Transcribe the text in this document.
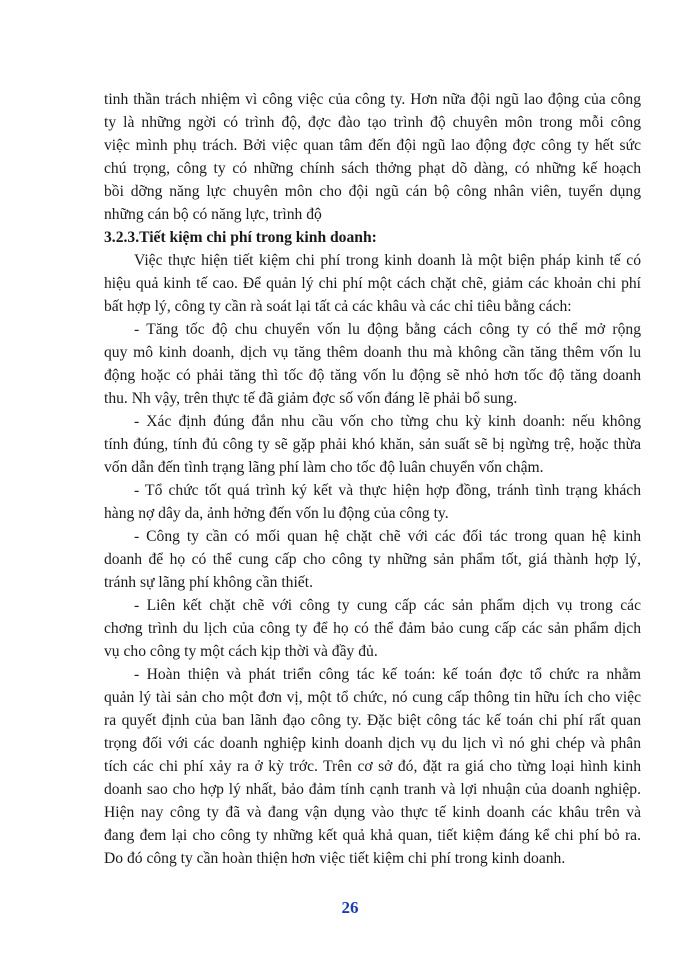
tinh thần trách nhiệm vì công việc của công ty. Hơn nữa đội ngũ lao động của công
ty là những ngời có trình độ, đợc đào tạo trình độ chuyên môn trong mỗi công
việc mình phụ trách. Bởi việc quan tâm đến đội ngũ lao động đợc công ty hết sức
chú trọng, công ty có những chính sách thởng phạt dõ dàng, có những kế hoạch
bồi dỡng năng lực chuyên môn cho đội ngũ cán bộ công nhân viên, tuyển dụng
những cán bộ có năng lực, trình độ
3.2.3.Tiết kiệm chi phí trong kinh doanh:
Việc thực hiện tiết kiệm chi phí trong kinh doanh là một biện pháp kinh tế có
hiệu quả kinh tế cao. Để quản lý chi phí một cách chặt chẽ, giảm các khoản chi phí
bất hợp lý, công ty cần rà soát lại tất cả các khâu và các chỉ tiêu bằng cách:
- Tăng tốc độ chu chuyển vốn lu động bằng cách công ty có thể mở rộng
quy mô kinh doanh, dịch vụ tăng thêm doanh thu mà không cần tăng thêm vốn lu
động hoặc có phải tăng thì tốc độ tăng vốn lu động sẽ nhỏ hơn tốc độ tăng doanh
thu. Nh vậy, trên thực tế đã giảm đợc số vốn đáng lẽ phải bổ sung.
- Xác định đúng đắn nhu cầu vốn cho từng chu kỳ kinh doanh: nếu không
tính đúng, tính đủ công ty sẽ gặp phải khó khăn, sản suất sẽ bị ngừng trệ, hoặc thừa
vốn dẫn đến tình trạng lãng phí làm cho tốc độ luân chuyển vốn chậm.
- Tổ chức tốt quá trình ký kết và thực hiện hợp đồng, tránh tình trạng khách
hàng nợ dây da, ảnh hởng đến vốn lu động của công ty.
- Công ty cần có mối quan hệ chặt chẽ với các đối tác trong quan hệ kinh
doanh để họ có thể cung cấp cho công ty những sản phẩm tốt, giá thành hợp lý,
tránh sự lãng phí không cần thiết.
- Liên kết chặt chẽ với công ty cung cấp các sản phẩm dịch vụ trong các
chơng trình du lịch của công ty để họ có thể đảm bảo cung cấp các sản phẩm dịch
vụ cho công ty một cách kịp thời và đầy đủ.
- Hoàn thiện và phát triển công tác kế toán: kế toán đợc tổ chức ra nhằm
quản lý tài sản cho một đơn vị, một tổ chức, nó cung cấp thông tin hữu ích cho việc
ra quyết định của ban lãnh đạo công ty. Đặc biệt công tác kế toán chi phí rất quan
trọng đối với các doanh nghiệp kinh doanh dịch vụ du lịch vì nó ghi chép và phân
tích các chi phí xảy ra ở kỳ trớc. Trên cơ sở đó, đặt ra giá cho từng loại hình kinh
doanh sao cho hợp lý nhất, bảo đảm tính cạnh tranh và lợi nhuận của doanh nghiệp.
Hiện nay công ty đã và đang vận dụng vào thực tế kinh doanh các khâu trên và
đang đem lại cho công ty những kết quả khả quan, tiết kiệm đáng kể chi phí bỏ ra.
Do đó công ty cần hoàn thiện hơn việc tiết kiệm chi phí trong kinh doanh.
26
